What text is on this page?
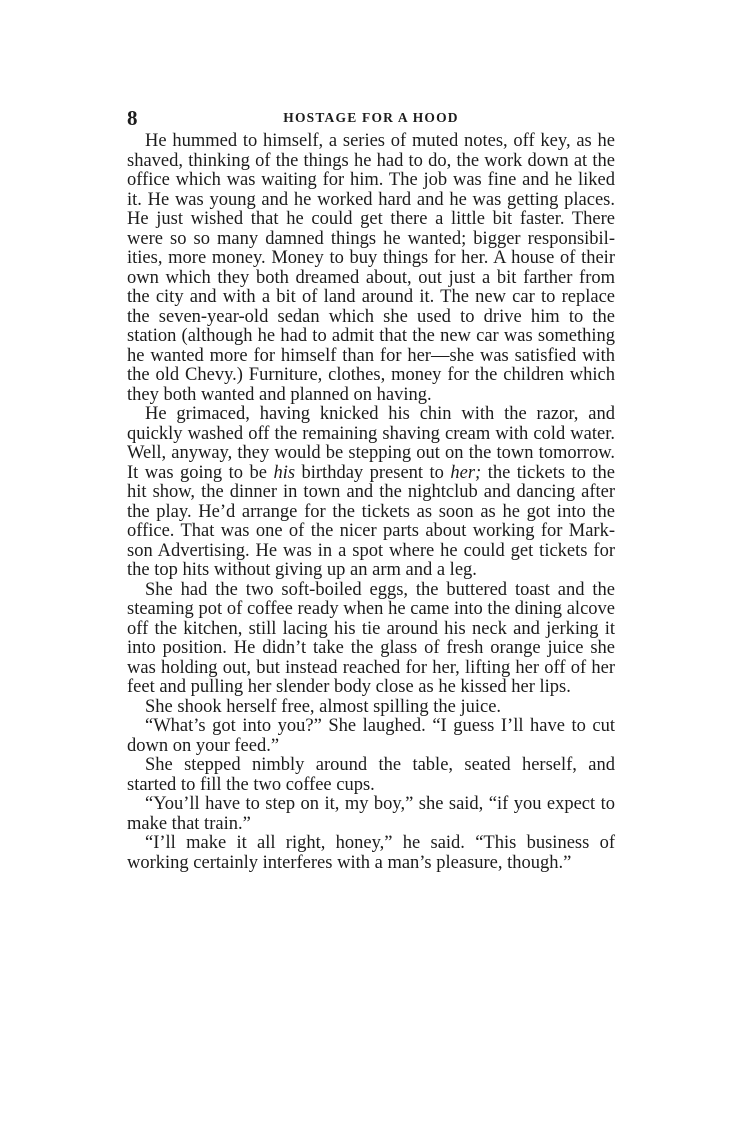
8	HOSTAGE FOR A HOOD

He hummed to himself, a series of muted notes, off key, as he shaved, thinking of the things he had to do, the work down at the office which was waiting for him. The job was fine and he liked it. He was young and he worked hard and he was getting places. He just wished that he could get there a little bit faster. There were so so many damned things he wanted; bigger responsibilities, more money. Money to buy things for her. A house of their own which they both dreamed about, out just a bit farther from the city and with a bit of land around it. The new car to replace the seven-year-old sedan which she used to drive him to the station (although he had to admit that the new car was something he wanted more for himself than for her—she was satisfied with the old Chevy.) Furniture, clothes, money for the children which they both wanted and planned on having.

He grimaced, having knicked his chin with the razor, and quickly washed off the remaining shaving cream with cold water. Well, anyway, they would be stepping out on the town tomorrow. It was going to be his birthday present to her; the tickets to the hit show, the dinner in town and the nightclub and dancing after the play. He’d arrange for the tickets as soon as he got into the office. That was one of the nicer parts about working for Markson Advertising. He was in a spot where he could get tickets for the top hits without giving up an arm and a leg.

She had the two soft-boiled eggs, the buttered toast and the steaming pot of coffee ready when he came into the dining alcove off the kitchen, still lacing his tie around his neck and jerking it into position. He didn’t take the glass of fresh orange juice she was holding out, but instead reached for her, lifting her off of her feet and pulling her slender body close as he kissed her lips.

She shook herself free, almost spilling the juice.

“What’s got into you?” She laughed. “I guess I’ll have to cut down on your feed.”

She stepped nimbly around the table, seated herself, and started to fill the two coffee cups.

“You’ll have to step on it, my boy,” she said, “if you expect to make that train.”

“I’ll make it all right, honey,” he said. “This business of working certainly interferes with a man’s pleasure, though.”
